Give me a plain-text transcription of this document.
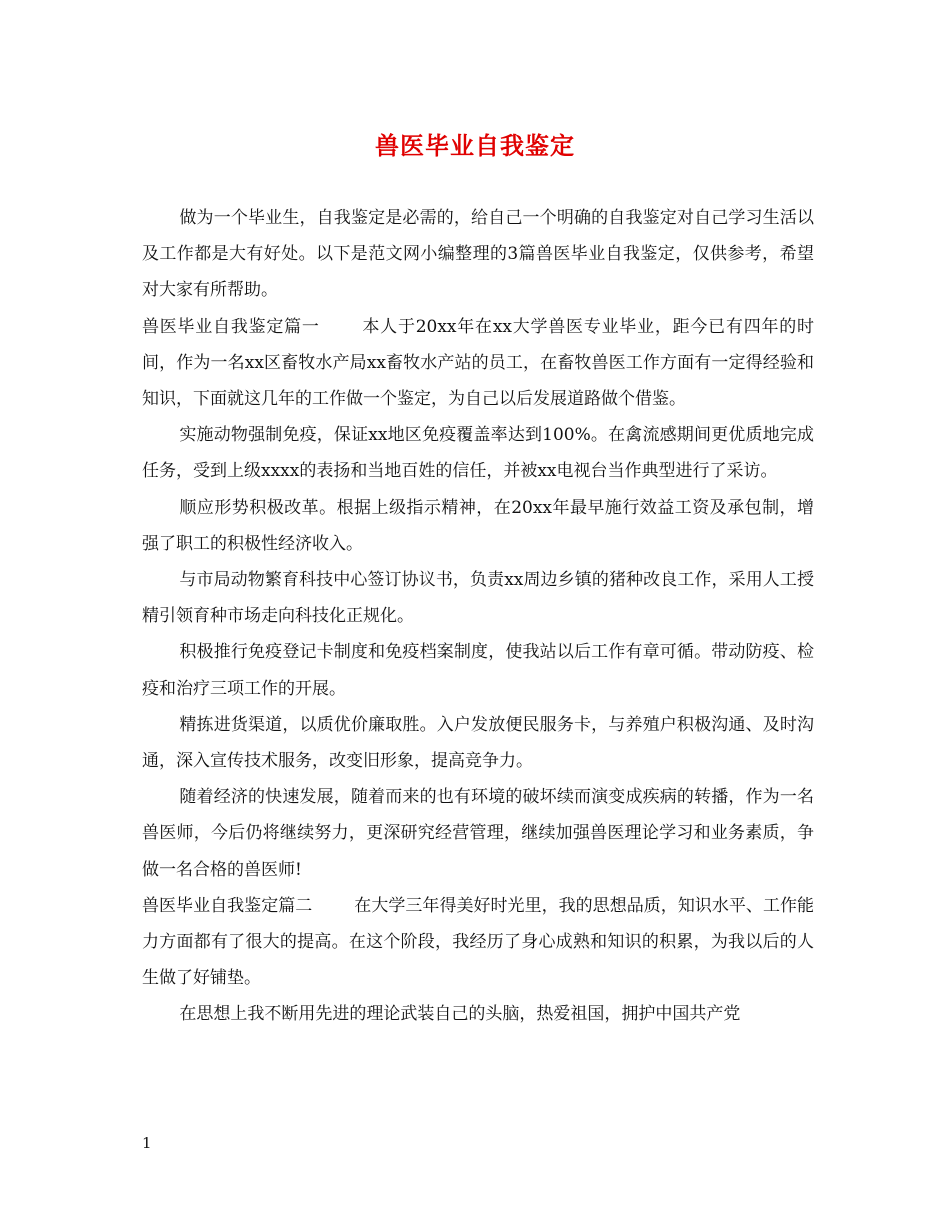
兽医毕业自我鉴定

做为一个毕业生，自我鉴定是必需的，给自己一个明确的自我鉴定对自己学习生活以及工作都是大有好处。以下是范文网小编整理的3篇兽医毕业自我鉴定，仅供参考，希望对大家有所帮助。

兽医毕业自我鉴定篇一 本人于20xx年在xx大学兽医专业毕业，距今已有四年的时间，作为一名xx区畜牧水产局xx畜牧水产站的员工，在畜牧兽医工作方面有一定得经验和知识，下面就这几年的工作做一个鉴定，为自己以后发展道路做个借鉴。

实施动物强制免疫，保证xx地区免疫覆盖率达到100%。在禽流感期间更优质地完成任务，受到上级xxxx的表扬和当地百姓的信任，并被xx电视台当作典型进行了采访。

顺应形势积极改革。根据上级指示精神，在20xx年最早施行效益工资及承包制，增强了职工的积极性经济收入。

与市局动物繁育科技中心签订协议书，负责xx周边乡镇的猪种改良工作，采用人工授精引领育种市场走向科技化正规化。

积极推行免疫登记卡制度和免疫档案制度，使我站以后工作有章可循。带动防疫、检疫和治疗三项工作的开展。

精拣进货渠道，以质优价廉取胜。入户发放便民服务卡，与养殖户积极沟通、及时沟通，深入宣传技术服务，改变旧形象，提高竞争力。

随着经济的快速发展，随着而来的也有环境的破坏续而演变成疾病的转播，作为一名兽医师，今后仍将继续努力，更深研究经营管理，继续加强兽医理论学习和业务素质，争做一名合格的兽医师!

兽医毕业自我鉴定篇二 在大学三年得美好时光里，我的思想品质，知识水平、工作能力方面都有了很大的提高。在这个阶段，我经历了身心成熟和知识的积累，为我以后的人生做了好铺垫。

在思想上我不断用先进的理论武装自己的头脑，热爱祖国，拥护中国共产党

1
